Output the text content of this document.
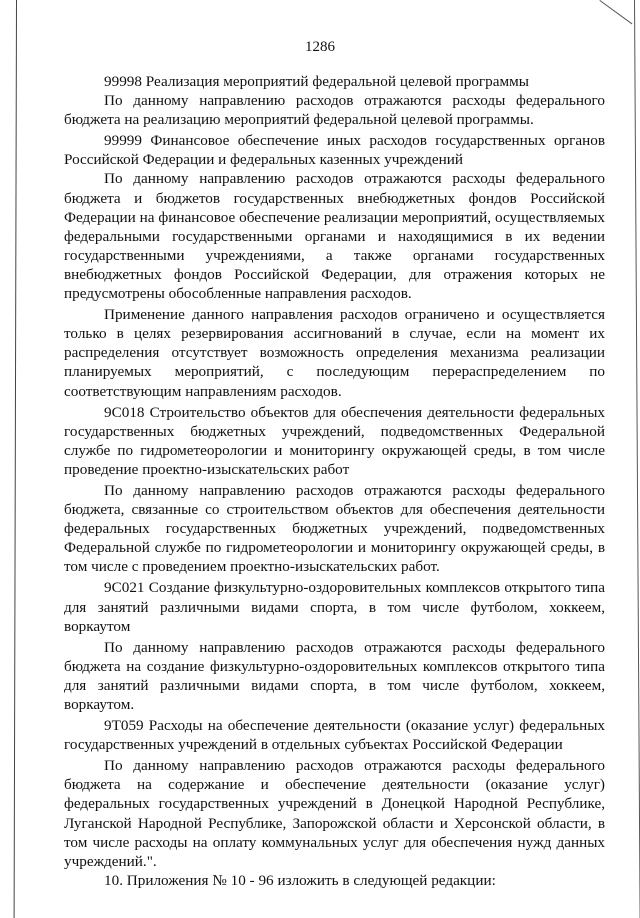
1286

99998 Реализация мероприятий федеральной целевой программы

По данному направлению расходов отражаются расходы федерального бюджета на реализацию мероприятий федеральной целевой программы.

99999 Финансовое обеспечение иных расходов государственных органов Российской Федерации и федеральных казенных учреждений

По данному направлению расходов отражаются расходы федерального бюджета и бюджетов государственных внебюджетных фондов Российской Федерации на финансовое обеспечение реализации мероприятий, осуществляемых федеральными государственными органами и находящимися в их ведении государственными учреждениями, а также органами государственных внебюджетных фондов Российской Федерации, для отражения которых не предусмотрены обособленные направления расходов.

Применение данного направления расходов ограничено и осуществляется только в целях резервирования ассигнований в случае, если на момент их распределения отсутствует возможность определения механизма реализации планируемых мероприятий, с последующим перераспределением по соответствующим направлениям расходов.

9С018 Строительство объектов для обеспечения деятельности федеральных государственных бюджетных учреждений, подведомственных Федеральной службе по гидрометеорологии и мониторингу окружающей среды, в том числе проведение проектно-изыскательских работ

По данному направлению расходов отражаются расходы федерального бюджета, связанные со строительством объектов для обеспечения деятельности федеральных государственных бюджетных учреждений, подведомственных Федеральной службе по гидрометеорологии и мониторингу окружающей среды, в том числе с проведением проектно-изыскательских работ.

9С021 Создание физкультурно-оздоровительных комплексов открытого типа для занятий различными видами спорта, в том числе футболом, хоккеем, воркаутом

По данному направлению расходов отражаются расходы федерального бюджета на создание физкультурно-оздоровительных комплексов открытого типа для занятий различными видами спорта, в том числе футболом, хоккеем, воркаутом.

9Т059 Расходы на обеспечение деятельности (оказание услуг) федеральных государственных учреждений в отдельных субъектах Российской Федерации

По данному направлению расходов отражаются расходы федерального бюджета на содержание и обеспечение деятельности (оказание услуг) федеральных государственных учреждений в Донецкой Народной Республике, Луганской Народной Республике, Запорожской области и Херсонской области, в том числе расходы на оплату коммунальных услуг для обеспечения нужд данных учреждений.".

10. Приложения № 10 - 96 изложить в следующей редакции:
